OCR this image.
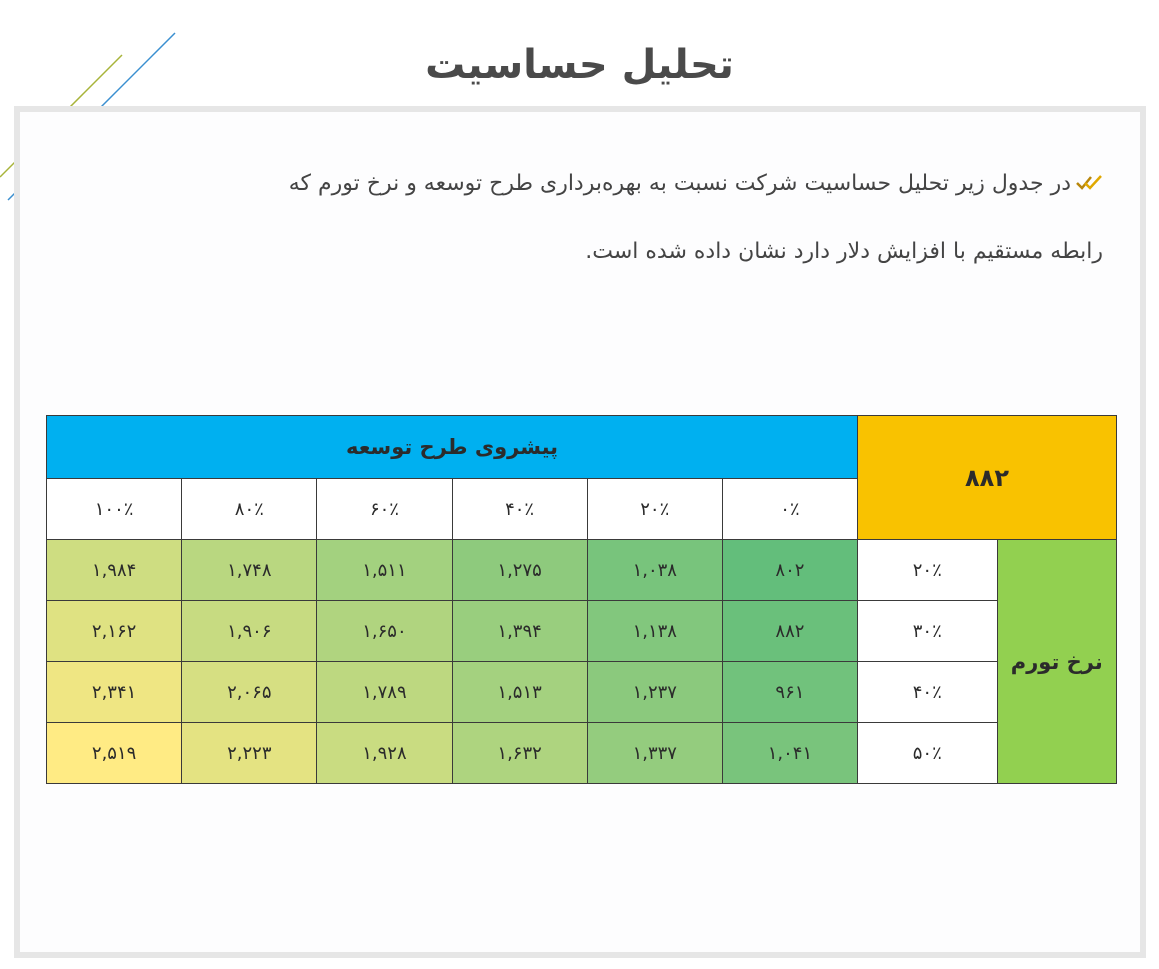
تحلیل حساسیت
در جدول زیر تحلیل حساسیت شرکت نسبت به بهره‌برداری طرح توسعه و نرخ تورم که
رابطه مستقیم با افزایش دلار دارد نشان داده شده است.
۸۸۲		پیشروی طرح توسعه					
		۰٪	۲۰٪	۴۰٪	۶۰٪	۸۰٪	۱۰۰٪
نرخ تورم	۲۰٪	۸۰۲	۱,۰۳۸	۱,۲۷۵	۱,۵۱۱	۱,۷۴۸	۱,۹۸۴
	۳۰٪	۸۸۲	۱,۱۳۸	۱,۳۹۴	۱,۶۵۰	۱,۹۰۶	۲,۱۶۲
	۴۰٪	۹۶۱	۱,۲۳۷	۱,۵۱۳	۱,۷۸۹	۲,۰۶۵	۲,۳۴۱
	۵۰٪	۱,۰۴۱	۱,۳۳۷	۱,۶۳۲	۱,۹۲۸	۲,۲۲۳	۲,۵۱۹
